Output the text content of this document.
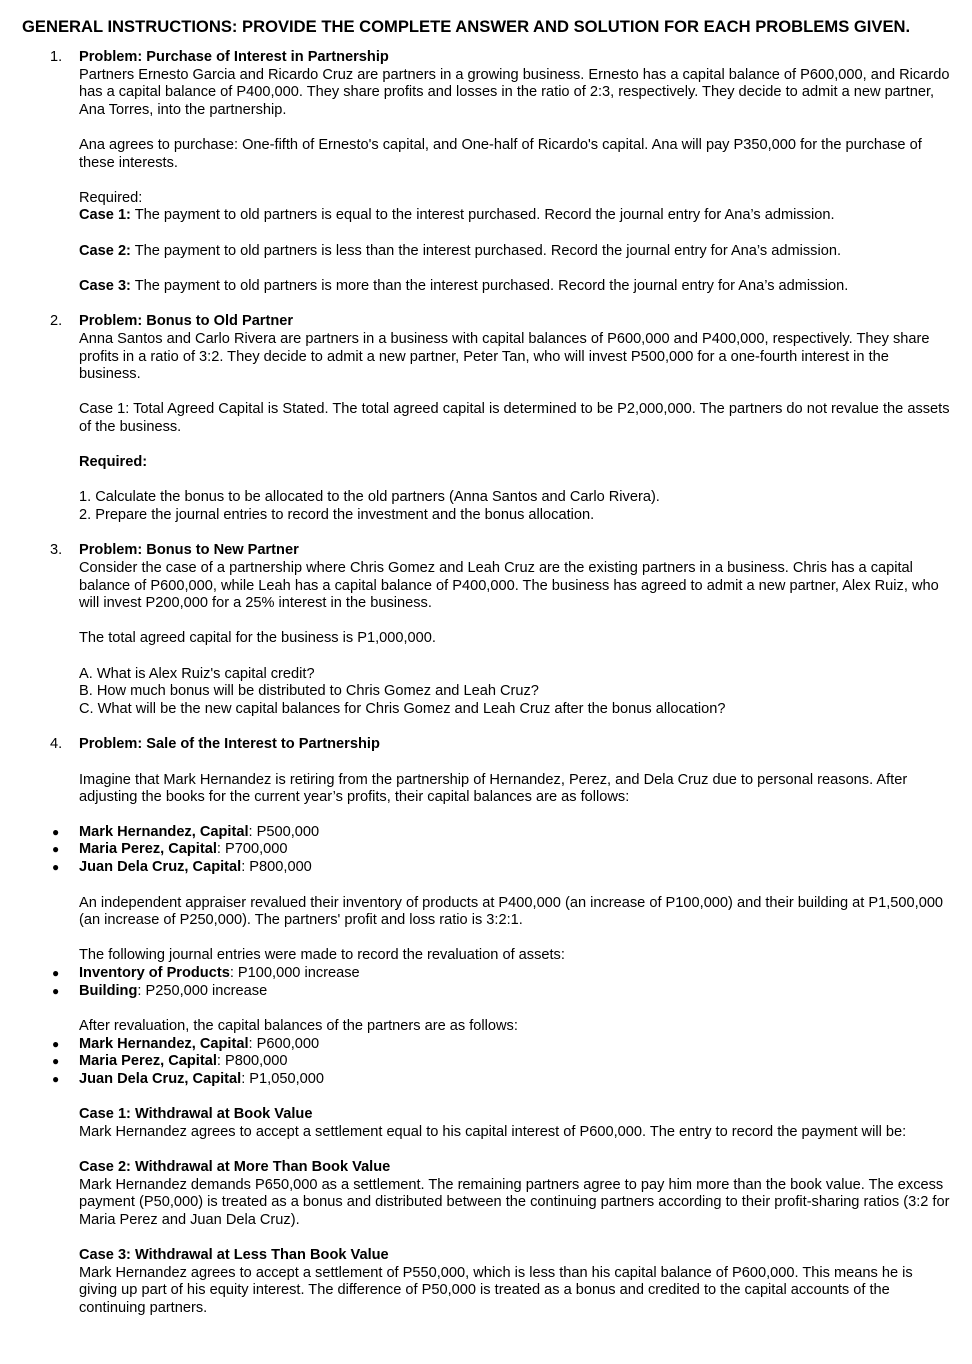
GENERAL INSTRUCTIONS: PROVIDE THE COMPLETE ANSWER AND SOLUTION FOR EACH PROBLEMS GIVEN.
1. Problem: Purchase of Interest in Partnership

Partners Ernesto Garcia and Ricardo Cruz are partners in a growing business. Ernesto has a capital balance of P600,000, and Ricardo has a capital balance of P400,000. They share profits and losses in the ratio of 2:3, respectively. They decide to admit a new partner, Ana Torres, into the partnership.

Ana agrees to purchase: One-fifth of Ernesto's capital, and One-half of Ricardo's capital. Ana will pay P350,000 for the purchase of these interests.

Required:

Case 1: The payment to old partners is equal to the interest purchased. Record the journal entry for Ana’s admission.

Case 2: The payment to old partners is less than the interest purchased. Record the journal entry for Ana’s admission.

Case 3: The payment to old partners is more than the interest purchased. Record the journal entry for Ana’s admission.

2. Problem: Bonus to Old Partner

Anna Santos and Carlo Rivera are partners in a business with capital balances of P600,000 and P400,000, respectively. They share profits in a ratio of 3:2. They decide to admit a new partner, Peter Tan, who will invest P500,000 for a one-fourth interest in the business.

Case 1: Total Agreed Capital is Stated. The total agreed capital is determined to be P2,000,000. The partners do not revalue the assets of the business.

Required:

1. Calculate the bonus to be allocated to the old partners (Anna Santos and Carlo Rivera).

2. Prepare the journal entries to record the investment and the bonus allocation.

3. Problem: Bonus to New Partner

Consider the case of a partnership where Chris Gomez and Leah Cruz are the existing partners in a business. Chris has a capital balance of P600,000, while Leah has a capital balance of P400,000. The business has agreed to admit a new partner, Alex Ruiz, who will invest P200,000 for a 25% interest in the business.

The total agreed capital for the business is P1,000,000.

A. What is Alex Ruiz's capital credit?

B. How much bonus will be distributed to Chris Gomez and Leah Cruz?

C. What will be the new capital balances for Chris Gomez and Leah Cruz after the bonus allocation?

4. Problem: Sale of the Interest to Partnership

Imagine that Mark Hernandez is retiring from the partnership of Hernandez, Perez, and Dela Cruz due to personal reasons. After adjusting the books for the current year’s profits, their capital balances are as follows:

● Mark Hernandez, Capital: P500,000
● Maria Perez, Capital: P700,000
● Juan Dela Cruz, Capital: P800,000

An independent appraiser revalued their inventory of products at P400,000 (an increase of P100,000) and their building at P1,500,000 (an increase of P250,000). The partners' profit and loss ratio is 3:2:1.

The following journal entries were made to record the revaluation of assets:

● Inventory of Products: P100,000 increase
● Building: P250,000 increase

After revaluation, the capital balances of the partners are as follows:

● Mark Hernandez, Capital: P600,000
● Maria Perez, Capital: P800,000
● Juan Dela Cruz, Capital: P1,050,000

Case 1: Withdrawal at Book Value

Mark Hernandez agrees to accept a settlement equal to his capital interest of P600,000. The entry to record the payment will be:

Case 2: Withdrawal at More Than Book Value

Mark Hernandez demands P650,000 as a settlement. The remaining partners agree to pay him more than the book value. The excess payment (P50,000) is treated as a bonus and distributed between the continuing partners according to their profit-sharing ratios (3:2 for Maria Perez and Juan Dela Cruz).

Case 3: Withdrawal at Less Than Book Value

Mark Hernandez agrees to accept a settlement of P550,000, which is less than his capital balance of P600,000. This means he is giving up part of his equity interest. The difference of P50,000 is treated as a bonus and credited to the capital accounts of the continuing partners.
